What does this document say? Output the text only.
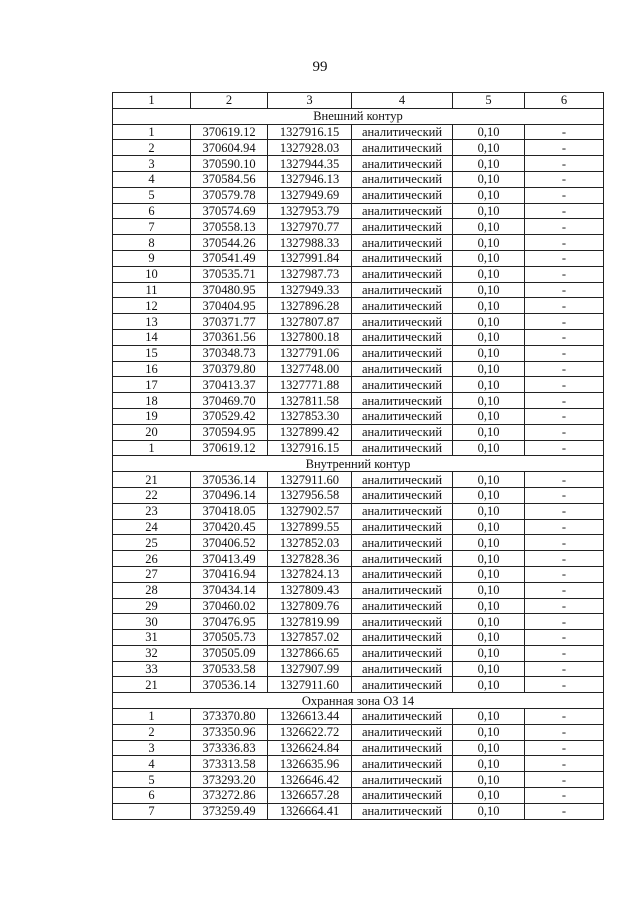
99
1	2	3	4	5	6
Внешний контур					
1	370619.12	1327916.15	аналитический	0,10	-
2	370604.94	1327928.03	аналитический	0,10	-
3	370590.10	1327944.35	аналитический	0,10	-
4	370584.56	1327946.13	аналитический	0,10	-
5	370579.78	1327949.69	аналитический	0,10	-
6	370574.69	1327953.79	аналитический	0,10	-
7	370558.13	1327970.77	аналитический	0,10	-
8	370544.26	1327988.33	аналитический	0,10	-
9	370541.49	1327991.84	аналитический	0,10	-
10	370535.71	1327987.73	аналитический	0,10	-
11	370480.95	1327949.33	аналитический	0,10	-
12	370404.95	1327896.28	аналитический	0,10	-
13	370371.77	1327807.87	аналитический	0,10	-
14	370361.56	1327800.18	аналитический	0,10	-
15	370348.73	1327791.06	аналитический	0,10	-
16	370379.80	1327748.00	аналитический	0,10	-
17	370413.37	1327771.88	аналитический	0,10	-
18	370469.70	1327811.58	аналитический	0,10	-
19	370529.42	1327853.30	аналитический	0,10	-
20	370594.95	1327899.42	аналитический	0,10	-
1	370619.12	1327916.15	аналитический	0,10	-
Внутренний контур					
21	370536.14	1327911.60	аналитический	0,10	-
22	370496.14	1327956.58	аналитический	0,10	-
23	370418.05	1327902.57	аналитический	0,10	-
24	370420.45	1327899.55	аналитический	0,10	-
25	370406.52	1327852.03	аналитический	0,10	-
26	370413.49	1327828.36	аналитический	0,10	-
27	370416.94	1327824.13	аналитический	0,10	-
28	370434.14	1327809.43	аналитический	0,10	-
29	370460.02	1327809.76	аналитический	0,10	-
30	370476.95	1327819.99	аналитический	0,10	-
31	370505.73	1327857.02	аналитический	0,10	-
32	370505.09	1327866.65	аналитический	0,10	-
33	370533.58	1327907.99	аналитический	0,10	-
21	370536.14	1327911.60	аналитический	0,10	-
Охранная зона ОЗ 14					
1	373370.80	1326613.44	аналитический	0,10	-
2	373350.96	1326622.72	аналитический	0,10	-
3	373336.83	1326624.84	аналитический	0,10	-
4	373313.58	1326635.96	аналитический	0,10	-
5	373293.20	1326646.42	аналитический	0,10	-
6	373272.86	1326657.28	аналитический	0,10	-
7	373259.49	1326664.41	аналитический	0,10	-
